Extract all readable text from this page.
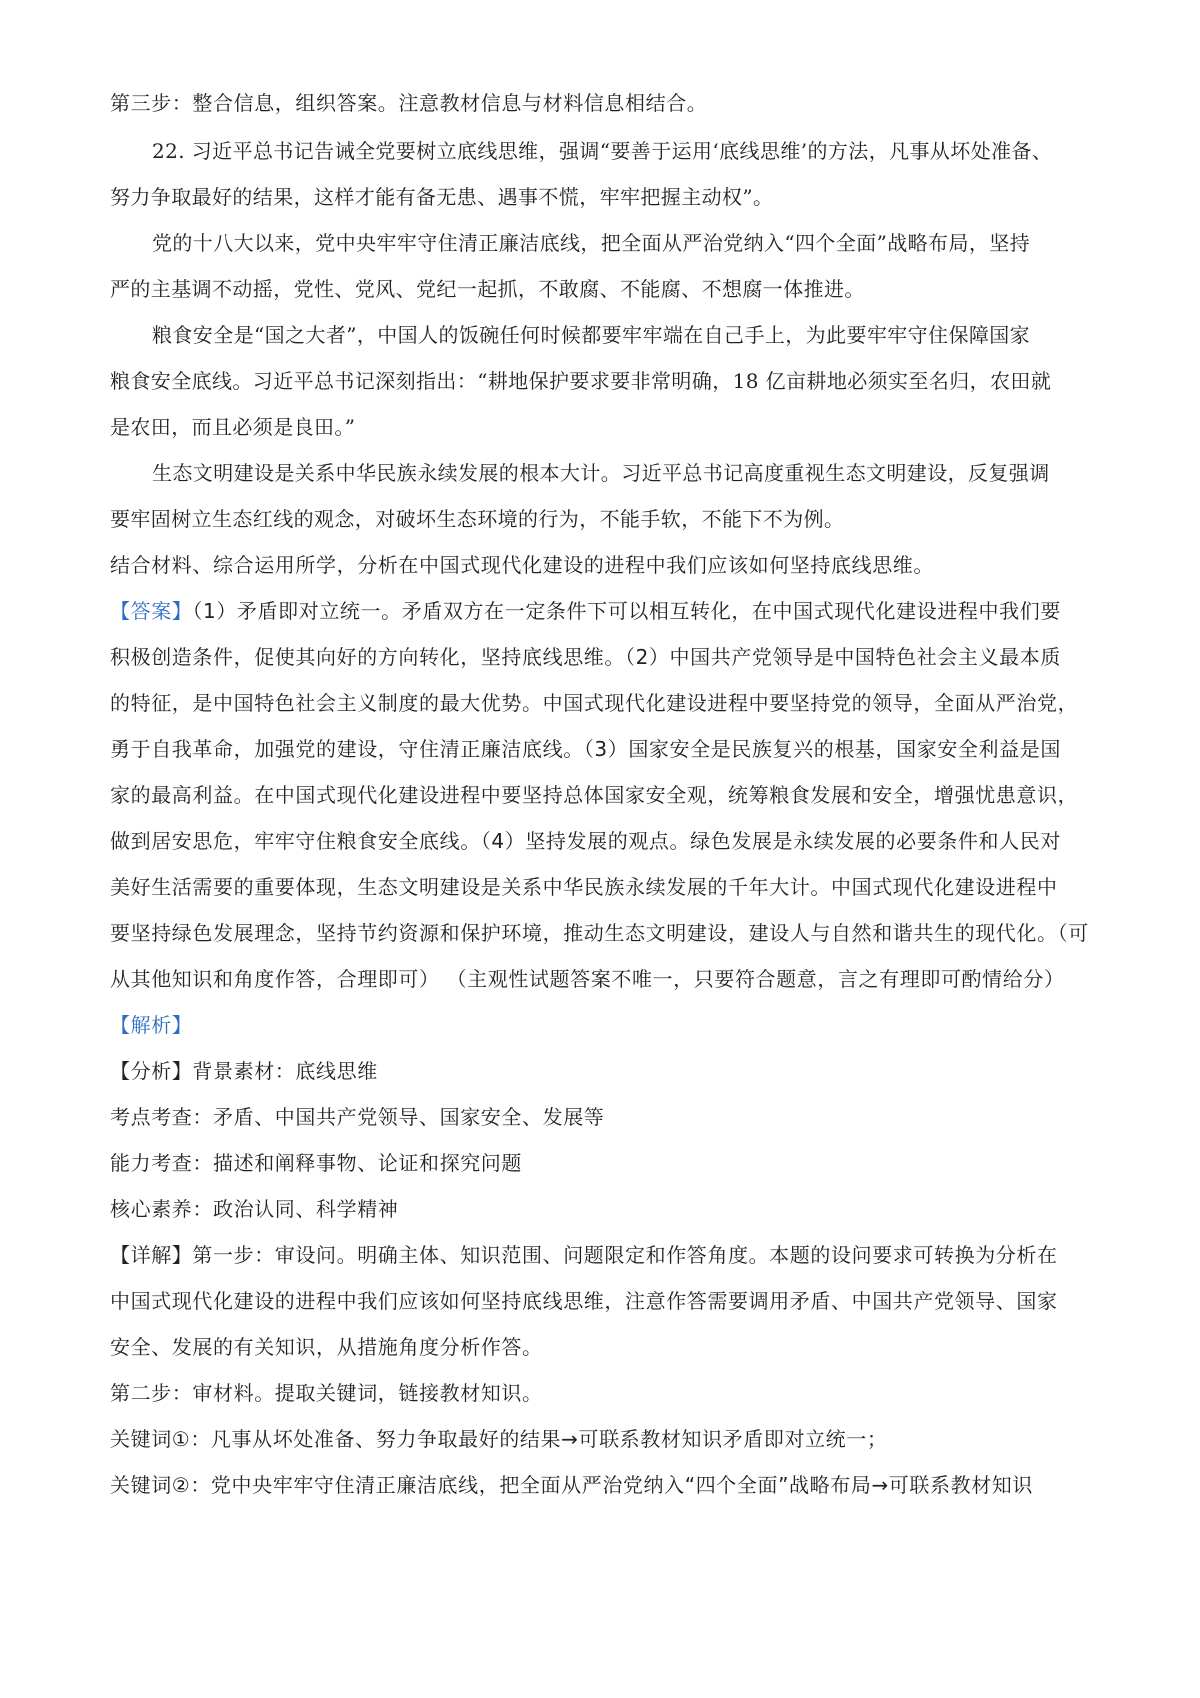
第三步：整合信息，组织答案。注意教材信息与材料信息相结合。
22. 习近平总书记告诫全党要树立底线思维，强调“要善于运用‘底线思维’的方法，凡事从坏处准备、
努力争取最好的结果，这样才能有备无患、遇事不慌，牢牢把握主动权”。
党的十八大以来，党中央牢牢守住清正廉洁底线，把全面从严治党纳入“四个全面”战略布局，坚持
严的主基调不动摇，党性、党风、党纪一起抓，不敢腐、不能腐、不想腐一体推进。
粮食安全是“国之大者”，中国人的饭碗任何时候都要牢牢端在自己手上，为此要牢牢守住保障国家
粮食安全底线。习近平总书记深刻指出：“耕地保护要求要非常明确，18 亿亩耕地必须实至名归，农田就
是农田，而且必须是良田。”
生态文明建设是关系中华民族永续发展的根本大计。习近平总书记高度重视生态文明建设，反复强调
要牢固树立生态红线的观念，对破坏生态环境的行为，不能手软，不能下不为例。
结合材料、综合运用所学，分析在中国式现代化建设的进程中我们应该如何坚持底线思维。
【答案】（1）矛盾即对立统一。矛盾双方在一定条件下可以相互转化，在中国式现代化建设进程中我们要
积极创造条件，促使其向好的方向转化，坚持底线思维。（2）中国共产党领导是中国特色社会主义最本质
的特征，是中国特色社会主义制度的最大优势。中国式现代化建设进程中要坚持党的领导，全面从严治党，
勇于自我革命，加强党的建设，守住清正廉洁底线。（3）国家安全是民族复兴的根基，国家安全利益是国
家的最高利益。在中国式现代化建设进程中要坚持总体国家安全观，统筹粮食发展和安全，增强忧患意识，
做到居安思危，牢牢守住粮食安全底线。（4）坚持发展的观点。绿色发展是永续发展的必要条件和人民对
美好生活需要的重要体现，生态文明建设是关系中华民族永续发展的千年大计。中国式现代化建设进程中
要坚持绿色发展理念，坚持节约资源和保护环境，推动生态文明建设，建设人与自然和谐共生的现代化。（可
从其他知识和角度作答，合理即可） （主观性试题答案不唯一，只要符合题意，言之有理即可酌情给分）
【解析】
【分析】背景素材：底线思维
考点考查：矛盾、中国共产党领导、国家安全、发展等
能力考查：描述和阐释事物、论证和探究问题
核心素养：政治认同、科学精神
【详解】第一步：审设问。明确主体、知识范围、问题限定和作答角度。本题的设问要求可转换为分析在
中国式现代化建设的进程中我们应该如何坚持底线思维，注意作答需要调用矛盾、中国共产党领导、国家
安全、发展的有关知识，从措施角度分析作答。
第二步：审材料。提取关键词，链接教材知识。
关键词①：凡事从坏处准备、努力争取最好的结果→可联系教材知识矛盾即对立统一；
关键词②：党中央牢牢守住清正廉洁底线，把全面从严治党纳入“四个全面”战略布局→可联系教材知识
